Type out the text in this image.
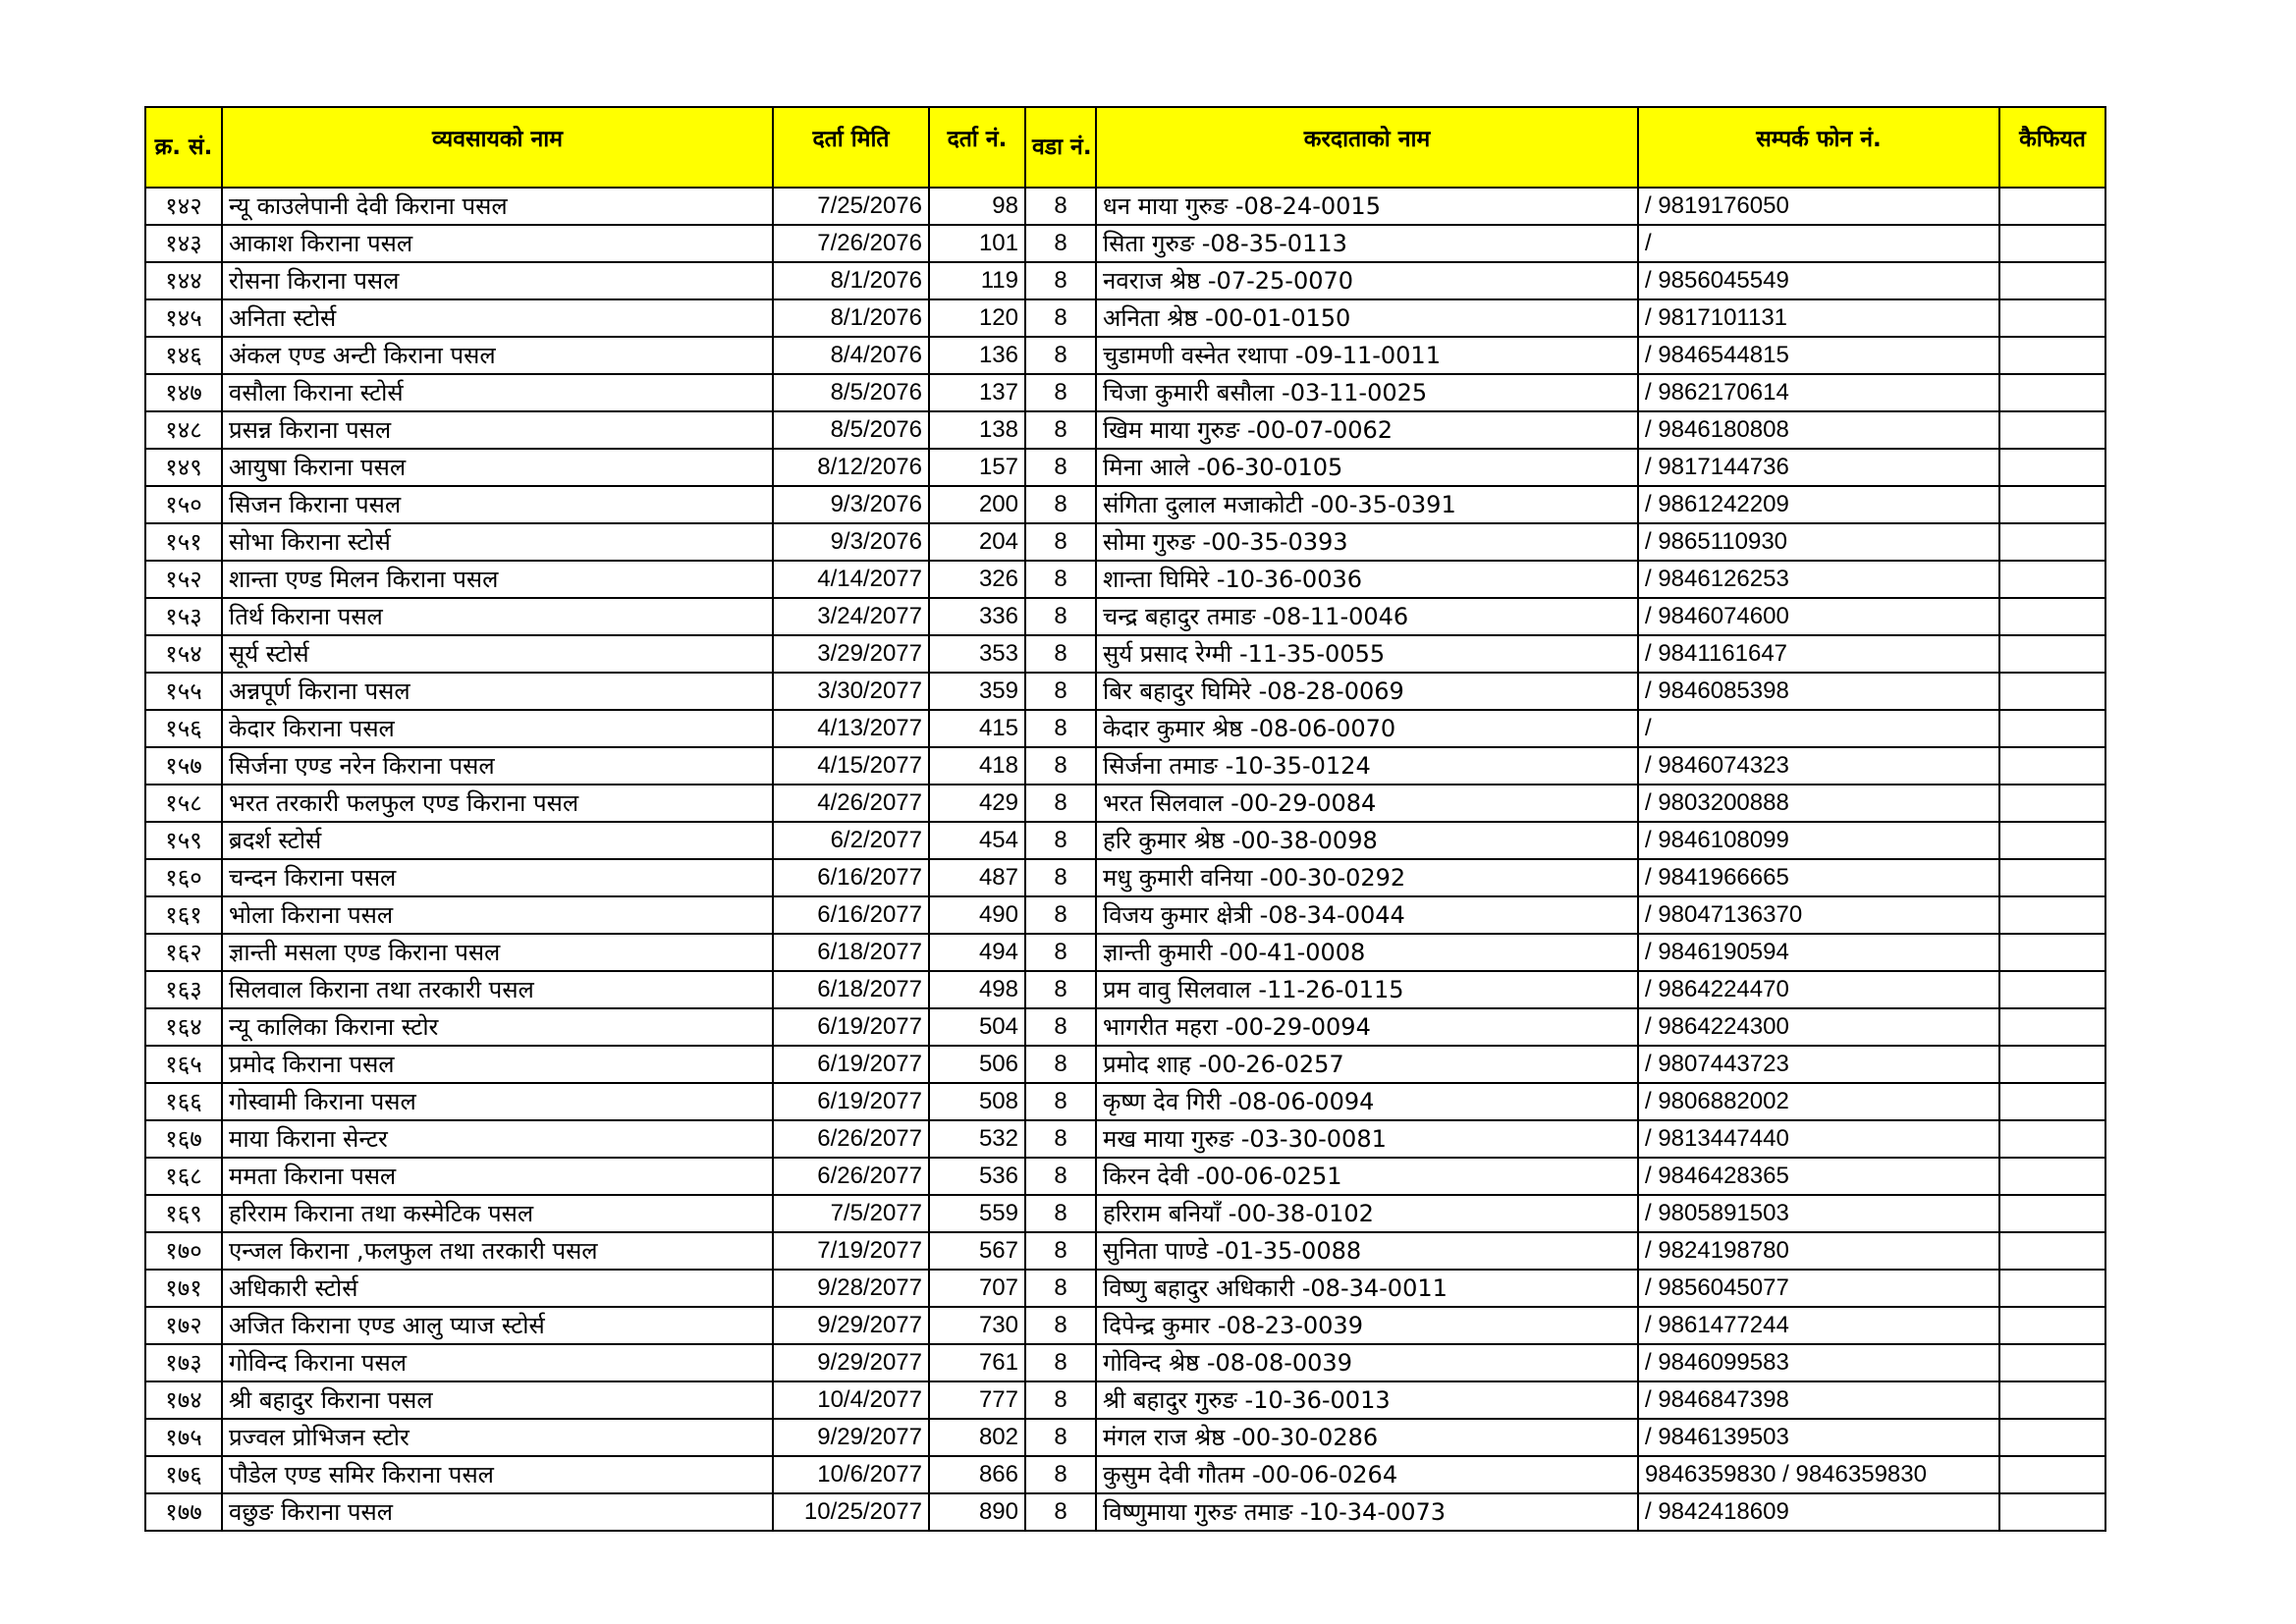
क्र. सं.	व्यवसायको नाम	दर्ता मिति	दर्ता नं.	वडा नं.	करदाताको नाम	सम्पर्क फोन नं.	कैफियत
१४२	न्यू काउलेपानी देवी किराना पसल	7/25/2076	98	8	धन माया गुरुङ -08-24-0015	/ 9819176050	
१४३	आकाश किराना पसल	7/26/2076	101	8	सिता गुरुङ -08-35-0113	/	
१४४	रोसना किराना पसल	8/1/2076	119	8	नवराज श्रेष्ठ -07-25-0070	/ 9856045549	
१४५	अनिता स्टोर्स	8/1/2076	120	8	अनिता श्रेष्ठ -00-01-0150	/ 9817101131	
१४६	अंकल एण्ड अन्टी किराना पसल	8/4/2076	136	8	चुडामणी वस्नेत रथापा -09-11-0011	/ 9846544815	
१४७	वसौला किराना स्टोर्स	8/5/2076	137	8	चिजा कुमारी बसौला -03-11-0025	/ 9862170614	
१४८	प्रसन्न किराना पसल	8/5/2076	138	8	खिम माया गुरुङ -00-07-0062	/ 9846180808	
१४९	आयुषा किराना पसल	8/12/2076	157	8	मिना आले -06-30-0105	/ 9817144736	
१५०	सिजन किराना पसल	9/3/2076	200	8	संगिता दुलाल मजाकोटी -00-35-0391	/ 9861242209	
१५१	सोभा किराना स्टोर्स	9/3/2076	204	8	सोमा गुरुङ -00-35-0393	/ 9865110930	
१५२	शान्ता एण्ड मिलन किराना पसल	4/14/2077	326	8	शान्ता घिमिरे -10-36-0036	/ 9846126253	
१५३	तिर्थ किराना पसल	3/24/2077	336	8	चन्द्र बहादुर तमाङ -08-11-0046	/ 9846074600	
१५४	सूर्य स्टोर्स	3/29/2077	353	8	सुर्य प्रसाद रेग्मी -11-35-0055	/ 9841161647	
१५५	अन्नपूर्ण किराना पसल	3/30/2077	359	8	बिर बहादुर घिमिरे -08-28-0069	/ 9846085398	
१५६	केदार किराना पसल	4/13/2077	415	8	केदार कुमार श्रेष्ठ -08-06-0070	/	
१५७	सिर्जना एण्ड नरेन किराना पसल	4/15/2077	418	8	सिर्जना तमाङ -10-35-0124	/ 9846074323	
१५८	भरत तरकारी फलफुल एण्ड किराना पसल	4/26/2077	429	8	भरत सिलवाल -00-29-0084	/ 9803200888	
१५९	ब्रदर्श स्टोर्स	6/2/2077	454	8	हरि कुमार श्रेष्ठ -00-38-0098	/ 9846108099	
१६०	चन्दन किराना पसल	6/16/2077	487	8	मधु कुमारी वनिया -00-30-0292	/ 9841966665	
१६१	भोला किराना पसल	6/16/2077	490	8	विजय कुमार क्षेत्री -08-34-0044	/ 98047136370	
१६२	ज्ञान्ती मसला एण्ड किराना पसल	6/18/2077	494	8	ज्ञान्ती कुमारी -00-41-0008	/ 9846190594	
१६३	सिलवाल किराना तथा तरकारी पसल	6/18/2077	498	8	प्रम वावु सिलवाल -11-26-0115	/ 9864224470	
१६४	न्यू कालिका किराना स्टोर	6/19/2077	504	8	भागरीत महरा -00-29-0094	/ 9864224300	
१६५	प्रमोद किराना पसल	6/19/2077	506	8	प्रमोद शाह -00-26-0257	/ 9807443723	
१६६	गोस्वामी किराना पसल	6/19/2077	508	8	कृष्ण देव गिरी -08-06-0094	/ 9806882002	
१६७	माया किराना सेन्टर	6/26/2077	532	8	मख माया गुरुङ -03-30-0081	/ 9813447440	
१६८	ममता किराना पसल	6/26/2077	536	8	किरन देवी -00-06-0251	/ 9846428365	
१६९	हरिराम किराना तथा कस्मेटिक पसल	7/5/2077	559	8	हरिराम बनियाँ -00-38-0102	/ 9805891503	
१७०	एन्जल किराना ,फलफुल तथा तरकारी पसल	7/19/2077	567	8	सुनिता पाण्डे -01-35-0088	/ 9824198780	
१७१	अधिकारी स्टोर्स	9/28/2077	707	8	विष्णु बहादुर अधिकारी -08-34-0011	/ 9856045077	
१७२	अजित किराना एण्ड आलु प्याज स्टोर्स	9/29/2077	730	8	दिपेन्द्र कुमार -08-23-0039	/ 9861477244	
१७३	गोविन्द किराना पसल	9/29/2077	761	8	गोविन्द श्रेष्ठ -08-08-0039	/ 9846099583	
१७४	श्री बहादुर किराना पसल	10/4/2077	777	8	श्री बहादुर गुरुङ -10-36-0013	/ 9846847398	
१७५	प्रज्वल प्रोभिजन स्टोर	9/29/2077	802	8	मंगल राज श्रेष्ठ -00-30-0286	/ 9846139503	
१७६	पौडेल एण्ड समिर किराना पसल	10/6/2077	866	8	कुसुम देवी गौतम -00-06-0264	9846359830 / 9846359830	
१७७	वछुङ किराना पसल	10/25/2077	890	8	विष्णुमाया गुरुङ तमाङ -10-34-0073	/ 9842418609	
